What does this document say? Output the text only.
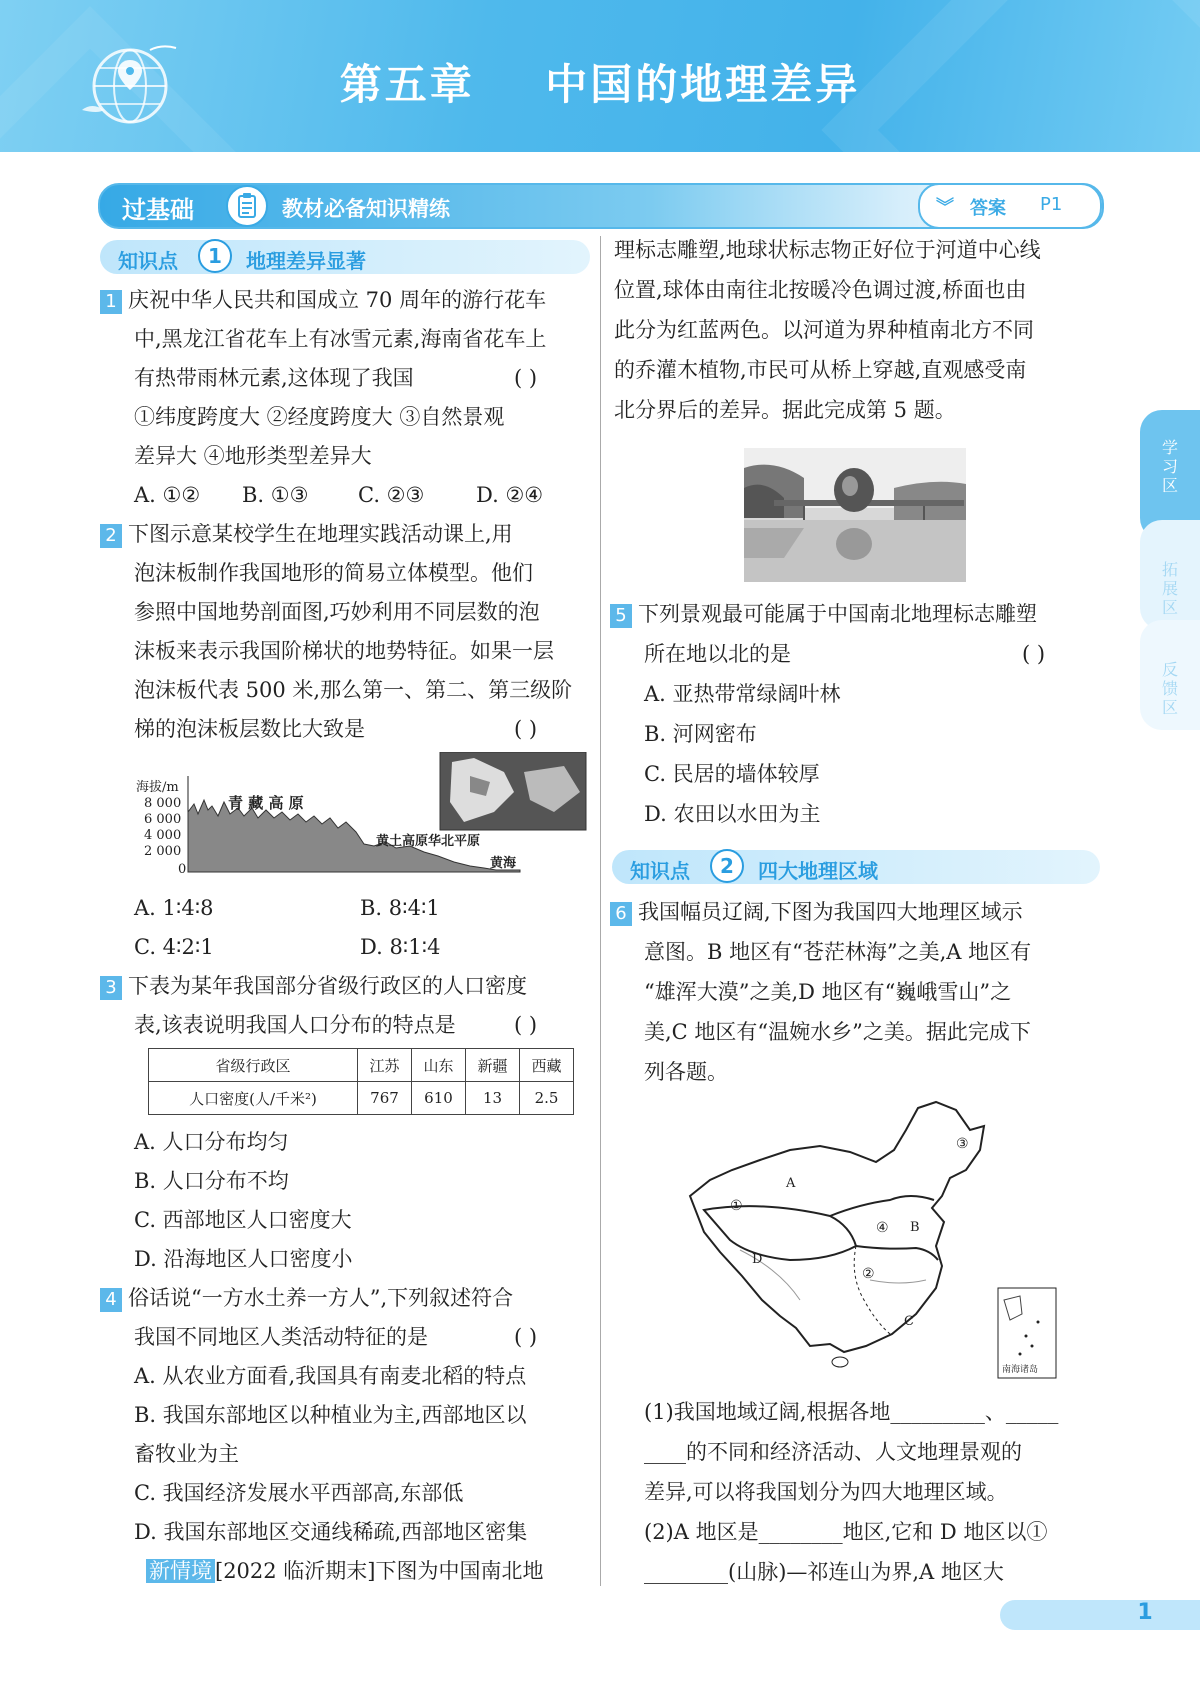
第五章    中国的地理差异
过基础	教材必备知识精练	︾ 答案 P1
知识点	1	地理差异显著
1 庆祝中华人民共和国成立 70 周年的游行花车
中,黑龙江省花车上有冰雪元素,海南省花车上
有热带雨林元素,这体现了我国	( )
①纬度跨度大 ②经度跨度大 ③自然景观
差异大 ④地形类型差异大
A. ①② B. ①③ C. ②③ D. ②④
2 下图示意某校学生在地理实践活动课上,用
泡沫板制作我国地形的简易立体模型。他们
参照中国地势剖面图,巧妙利用不同层数的泡
沫板来表示我国阶梯状的地势特征。如果一层
泡沫板代表 500 米,那么第一、第二、第三级阶
梯的泡沫板层数比大致是	( )
海拔/m
8 000
6 000
4 000
2 000
0
青 藏 高 原
黄土高原华北平原
黄海
A. 1∶4∶8	B. 8∶4∶1
C. 4∶2∶1	D. 8∶1∶4
3 下表为某年我国部分省级行政区的人口密度
表,该表说明我国人口分布的特点是	( )
省级行政区	江苏	山东	新疆	西藏
人口密度(人/千米²)	767	610	13	2.5
A. 人口分布均匀
B. 人口分布不均
C. 西部地区人口密度大
D. 沿海地区人口密度小
4 俗话说“一方水土养一方人”,下列叙述符合
我国不同地区人类活动特征的是	( )
A. 从农业方面看,我国具有南麦北稻的特点
B. 我国东部地区以种植业为主,西部地区以
畜牧业为主
C. 我国经济发展水平西部高,东部低
D. 我国东部地区交通线稀疏,西部地区密集
新情境 [2022 临沂期末]下图为中国南北地
理标志雕塑,地球状标志物正好位于河道中心线
位置,球体由南往北按暖冷色调过渡,桥面也由
此分为红蓝两色。以河道为界种植南北方不同
的乔灌木植物,市民可从桥上穿越,直观感受南
北分界后的差异。据此完成第 5 题。
5 下列景观最可能属于中国南北地理标志雕塑
所在地以北的是	( )
A. 亚热带常绿阔叶林
B. 河网密布
C. 民居的墙体较厚
D. 农田以水田为主
知识点	2	四大地理区域
6 我国幅员辽阔,下图为我国四大地理区域示
意图。B 地区有“苍茫林海”之美,A 地区有
“雄浑大漠”之美,D 地区有“巍峨雪山”之
美,C 地区有“温婉水乡”之美。据此完成下
列各题。
A
B
C
D
①
②
③
④
南海诸岛
(1)我国地域辽阔,根据各地_________、_____
____的不同和经济活动、人文地理景观的
差异,可以将我国划分为四大地理区域。
(2)A 地区是________地区,它和 D 地区以①
________(山脉)—祁连山为界,A 地区大
学习区
拓展区
反馈区
1
